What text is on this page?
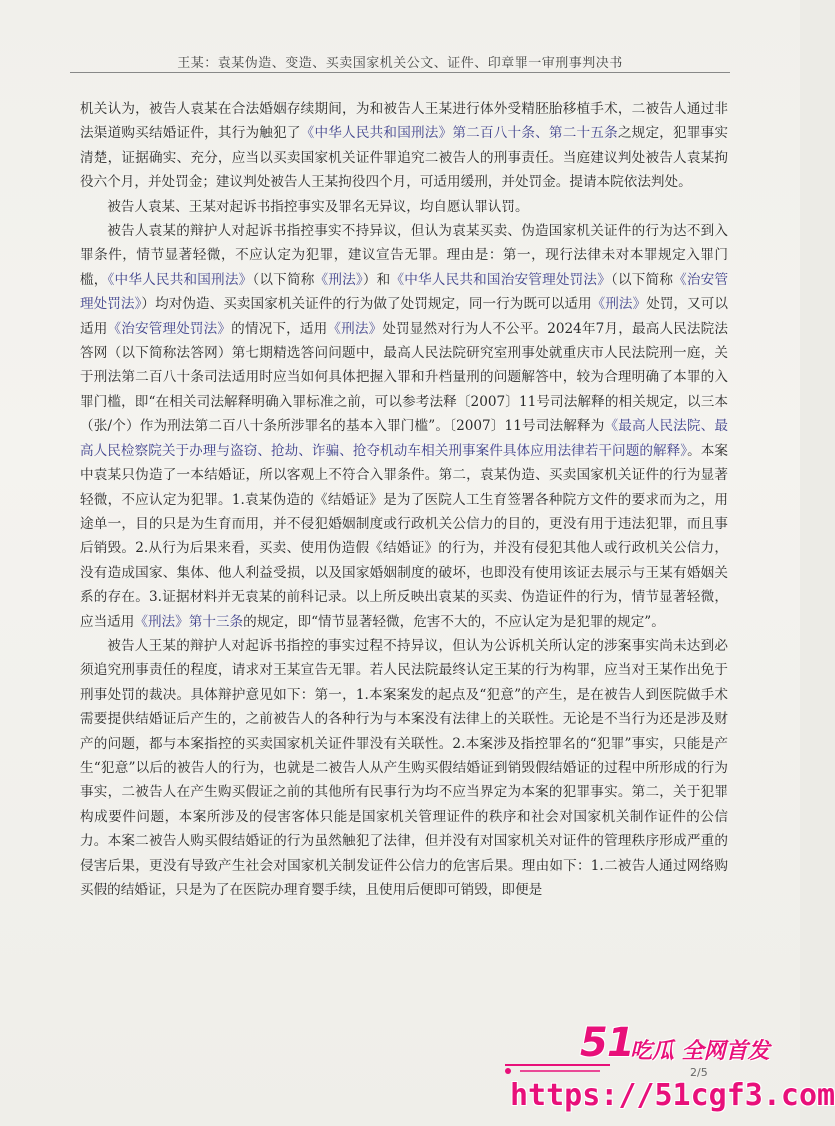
王某：袁某伪造、变造、买卖国家机关公文、证件、印章罪一审刑事判决书

机关认为，被告人袁某在合法婚姻存续期间，为和被告人王某进行体外受精胚胎移植手术，二被告人通过非法渠道购买结婚证件，其行为触犯了《中华人民共和国刑法》第二百八十条、第二十五条之规定，犯罪事实清楚，证据确实、充分，应当以买卖国家机关证件罪追究二被告人的刑事责任。当庭建议判处被告人袁某拘役六个月，并处罚金；建议判处被告人王某拘役四个月，可适用缓刑，并处罚金。提请本院依法判处。

被告人袁某、王某对起诉书指控事实及罪名无异议，均自愿认罪认罚。

被告人袁某的辩护人对起诉书指控事实不持异议，但认为袁某买卖、伪造国家机关证件的行为达不到入罪条件，情节显著轻微，不应认定为犯罪，建议宣告无罪。理由是：第一，现行法律未对本罪规定入罪门槛，《中华人民共和国刑法》（以下简称《刑法》）和《中华人民共和国治安管理处罚法》（以下简称《治安管理处罚法》）均对伪造、买卖国家机关证件的行为做了处罚规定，同一行为既可以适用《刑法》处罚，又可以适用《治安管理处罚法》的情况下，适用《刑法》处罚显然对行为人不公平。2024年7月，最高人民法院法答网（以下简称法答网）第七期精选答问问题中，最高人民法院研究室刑事处就重庆市人民法院刑一庭，关于刑法第二百八十条司法适用时应当如何具体把握入罪和升档量刑的问题解答中，较为合理明确了本罪的入罪门槛，即“在相关司法解释明确入罪标准之前，可以参考法释〔2007〕11号司法解释的相关规定，以三本（张/个）作为刑法第二百八十条所涉罪名的基本入罪门槛”。〔2007〕11号司法解释为《最高人民法院、最高人民检察院关于办理与盗窃、抢劫、诈骗、抢夺机动车相关刑事案件具体应用法律若干问题的解释》。本案中袁某只伪造了一本结婚证，所以客观上不符合入罪条件。第二，袁某伪造、买卖国家机关证件的行为显著轻微，不应认定为犯罪。1.袁某伪造的《结婚证》是为了医院人工生育签署各种院方文件的要求而为之，用途单一，目的只是为生育而用，并不侵犯婚姻制度或行政机关公信力的目的，更没有用于违法犯罪，而且事后销毁。2.从行为后果来看，买卖、使用伪造假《结婚证》的行为，并没有侵犯其他人或行政机关公信力，没有造成国家、集体、他人利益受损，以及国家婚姻制度的破坏，也即没有使用该证去展示与王某有婚姻关系的存在。3.证据材料并无袁某的前科记录。以上所反映出袁某的买卖、伪造证件的行为，情节显著轻微，应当适用《刑法》第十三条的规定，即“情节显著轻微，危害不大的，不应认定为是犯罪的规定”。

被告人王某的辩护人对起诉书指控的事实过程不持异议，但认为公诉机关所认定的涉案事实尚未达到必须追究刑事责任的程度，请求对王某宣告无罪。若人民法院最终认定王某的行为构罪，应当对王某作出免于刑事处罚的裁决。具体辩护意见如下：第一，1.本案案发的起点及“犯意”的产生，是在被告人到医院做手术需要提供结婚证后产生的，之前被告人的各种行为与本案没有法律上的关联性。无论是不当行为还是涉及财产的问题，都与本案指控的买卖国家机关证件罪没有关联性。2.本案涉及指控罪名的“犯罪”事实，只能是产生“犯意”以后的被告人的行为，也就是二被告人从产生购买假结婚证到销毁假结婚证的过程中所形成的行为事实，二被告人在产生购买假证之前的其他所有民事行为均不应当界定为本案的犯罪事实。第二，关于犯罪构成要件问题，本案所涉及的侵害客体只能是国家机关管理证件的秩序和社会对国家机关制作证件的公信力。本案二被告人购买假结婚证的行为虽然触犯了法律，但并没有对国家机关对证件的管理秩序形成严重的侵害后果，更没有导致产生社会对国家机关制发证件公信力的危害后果。理由如下：1.二被告人通过网络购买假的结婚证，只是为了在医院办理育婴手续，且使用后便即可销毁，即便是

2/5
51
吃瓜 全网首发
https://51cgf3.com
